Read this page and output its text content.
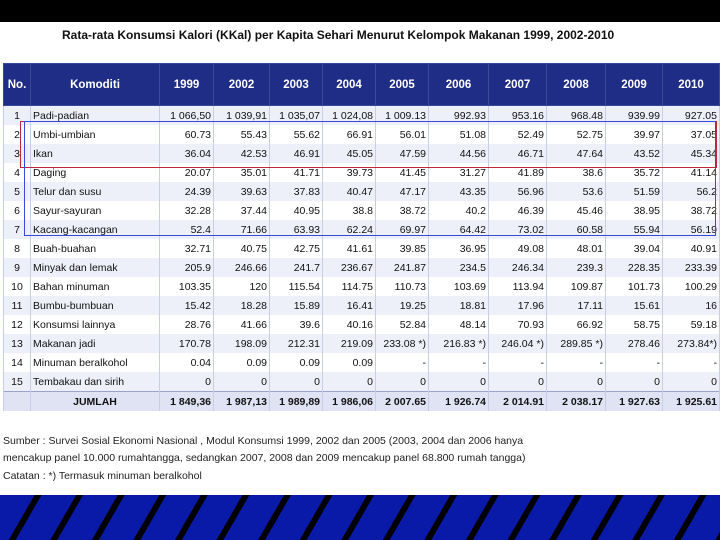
Rata-rata Konsumsi Kalori (KKal) per Kapita Sehari Menurut Kelompok Makanan 1999, 2002-2010
No.	Komoditi	1999	2002	2003	2004	2005	2006	2007	2008	2009	2010
1	Padi-padian	1 066,50	1 039,91	1 035,07	1 024,08	1 009.13	992.93	953.16	968.48	939.99	927.05
2	Umbi-umbian	60.73	55.43	55.62	66.91	56.01	51.08	52.49	52.75	39.97	37.05
3	Ikan	36.04	42.53	46.91	45.05	47.59	44.56	46.71	47.64	43.52	45.34
4	Daging	20.07	35.01	41.71	39.73	41.45	31.27	41.89	38.6	35.72	41.14
5	Telur dan susu	24.39	39.63	37.83	40.47	47.17	43.35	56.96	53.6	51.59	56.2
6	Sayur-sayuran	32.28	37.44	40.95	38.8	38.72	40.2	46.39	45.46	38.95	38.72
7	Kacang-kacangan	52.4	71.66	63.93	62.24	69.97	64.42	73.02	60.58	55.94	56.19
8	Buah-buahan	32.71	40.75	42.75	41.61	39.85	36.95	49.08	48.01	39.04	40.91
9	Minyak dan lemak	205.9	246.66	241.7	236.67	241.87	234.5	246.34	239.3	228.35	233.39
10	Bahan minuman	103.35	120	115.54	114.75	110.73	103.69	113.94	109.87	101.73	100.29
11	Bumbu-bumbuan	15.42	18.28	15.89	16.41	19.25	18.81	17.96	17.11	15.61	16
12	Konsumsi lainnya	28.76	41.66	39.6	40.16	52.84	48.14	70.93	66.92	58.75	59.18
13	Makanan jadi	170.78	198.09	212.31	219.09	233.08 *)	216.83 *)	246.04 *)	289.85 *)	278.46	273.84*)
14	Minuman beralkohol	0.04	0.09	0.09	0.09	-	-	-	-	-	-
15	Tembakau dan sirih	0	0	0	0	0	0	0	0	0	0
	JUMLAH	1 849,36	1 987,13	1 989,89	1 986,06	2 007.65	1 926.74	2 014.91	2 038.17	1 927.63	1 925.61
Sumber : Survei Sosial Ekonomi Nasional , Modul Konsumsi 1999, 2002 dan 2005 (2003, 2004 dan 2006 hanya
mencakup panel 10.000 rumahtangga, sedangkan 2007, 2008 dan 2009 mencakup panel 68.800 rumah tangga)
Catatan : *) Termasuk minuman beralkohol
